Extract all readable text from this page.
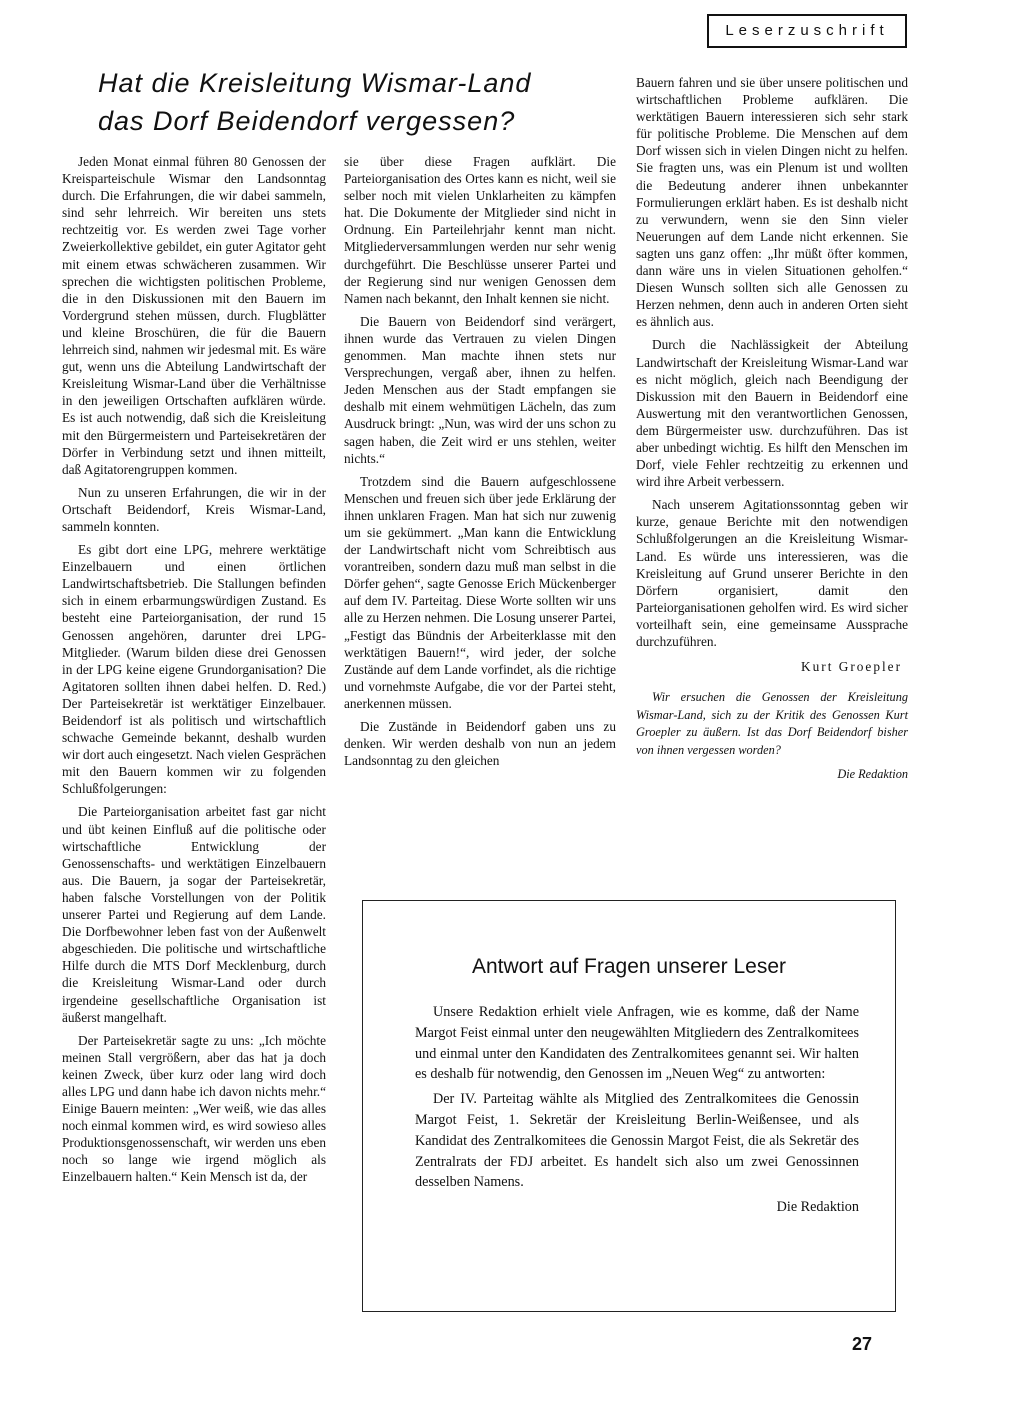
Leserzuschrift
Hat die Kreisleitung Wismar-Land
das Dorf Beidendorf vergessen?

Jeden Monat einmal führen 80 Genossen der Kreisparteischule Wismar den Landsonntag durch. Die Erfahrungen, die wir dabei sammeln, sind sehr lehrreich. Wir bereiten uns stets rechtzeitig vor. Es werden zwei Tage vorher Zweierkollektive gebildet, ein guter Agitator geht mit einem etwas schwächeren zusammen. Wir sprechen die wichtigsten politischen Probleme, die in den Diskussionen mit den Bauern im Vordergrund stehen müssen, durch. Flugblätter und kleine Broschüren, die für die Bauern lehrreich sind, nahmen wir jedesmal mit. Es wäre gut, wenn uns die Abteilung Landwirtschaft der Kreisleitung Wismar-Land über die Verhältnisse in den jeweiligen Ortschaften aufklären würde. Es ist auch notwendig, daß sich die Kreisleitung mit den Bürgermeistern und Parteisekretären der Dörfer in Verbindung setzt und ihnen mitteilt, daß Agitatorengruppen kommen.

Nun zu unseren Erfahrungen, die wir in der Ortschaft Beidendorf, Kreis Wismar-Land, sammeln konnten.

Es gibt dort eine LPG, mehrere werktätige Einzelbauern und einen örtlichen Landwirtschaftsbetrieb. Die Stallungen befinden sich in einem erbarmungswürdigen Zustand. Es besteht eine Parteiorganisation, der rund 15 Genossen angehören, darunter drei LPG-Mitglieder. (Warum bilden diese drei Genossen in der LPG keine eigene Grundorganisation? Die Agitatoren sollten ihnen dabei helfen. D. Red.) Der Parteisekretär ist werktätiger Einzelbauer. Beidendorf ist als politisch und wirtschaftlich schwache Gemeinde bekannt, deshalb wurden wir dort auch eingesetzt. Nach vielen Gesprächen mit den Bauern kommen wir zu folgenden Schlußfolgerungen:

Die Parteiorganisation arbeitet fast gar nicht und übt keinen Einfluß auf die politische oder wirtschaftliche Entwicklung der Genossenschafts- und werktätigen Einzelbauern aus. Die Bauern, ja sogar der Parteisekretär, haben falsche Vorstellungen von der Politik unserer Partei und Regierung auf dem Lande. Die Dorfbewohner leben fast von der Außenwelt abgeschieden. Die politische und wirtschaftliche Hilfe durch die MTS Dorf Mecklenburg, durch die Kreisleitung Wismar-Land oder durch irgendeine gesellschaftliche Organisation ist äußerst mangelhaft.

Der Parteisekretär sagte zu uns: „Ich möchte meinen Stall vergrößern, aber das hat ja doch keinen Zweck, über kurz oder lang wird doch alles LPG und dann habe ich davon nichts mehr.“ Einige Bauern meinten: „Wer weiß, wie das alles noch einmal kommen wird, es wird sowieso alles Produktionsgenossenschaft, wir werden uns eben noch so lange wie irgend möglich als Einzelbauern halten.“ Kein Mensch ist da, der

sie über diese Fragen aufklärt. Die Parteiorganisation des Ortes kann es nicht, weil sie selber noch mit vielen Unklarheiten zu kämpfen hat. Die Dokumente der Mitglieder sind nicht in Ordnung. Ein Parteilehrjahr kennt man nicht. Mitgliederversammlungen werden nur sehr wenig durchgeführt. Die Beschlüsse unserer Partei und der Regierung sind nur wenigen Genossen dem Namen nach bekannt, den Inhalt kennen sie nicht.

Die Bauern von Beidendorf sind verärgert, ihnen wurde das Vertrauen zu vielen Dingen genommen. Man machte ihnen stets nur Versprechungen, vergaß aber, ihnen zu helfen. Jeden Menschen aus der Stadt empfangen sie deshalb mit einem wehmütigen Lächeln, das zum Ausdruck bringt: „Nun, was wird der uns schon zu sagen haben, die Zeit wird er uns stehlen, weiter nichts.“

Trotzdem sind die Bauern aufgeschlossene Menschen und freuen sich über jede Erklärung der ihnen unklaren Fragen. Man hat sich nur zuwenig um sie gekümmert. „Man kann die Entwicklung der Landwirtschaft nicht vom Schreibtisch aus vorantreiben, sondern dazu muß man selbst in die Dörfer gehen“, sagte Genosse Erich Mückenberger auf dem IV. Parteitag. Diese Worte sollten wir uns alle zu Herzen nehmen. Die Losung unserer Partei, „Festigt das Bündnis der Arbeiterklasse mit den werktätigen Bauern!“, wird jeder, der solche Zustände auf dem Lande vorfindet, als die richtige und vornehmste Aufgabe, die vor der Partei steht, anerkennen müssen.

Die Zustände in Beidendorf gaben uns zu denken. Wir werden deshalb von nun an jedem Landsonntag zu den gleichen

Bauern fahren und sie über unsere politischen und wirtschaftlichen Probleme aufklären. Die werktätigen Bauern interessieren sich sehr stark für politische Probleme. Die Menschen auf dem Dorf wissen sich in vielen Dingen nicht zu helfen. Sie fragten uns, was ein Plenum ist und wollten die Bedeutung anderer ihnen unbekannter Formulierungen erklärt haben. Es ist deshalb nicht zu verwundern, wenn sie den Sinn vieler Neuerungen auf dem Lande nicht erkennen. Sie sagten uns ganz offen: „Ihr müßt öfter kommen, dann wäre uns in vielen Situationen geholfen.“ Diesen Wunsch sollten sich alle Genossen zu Herzen nehmen, denn auch in anderen Orten sieht es ähnlich aus.

Durch die Nachlässigkeit der Abteilung Landwirtschaft der Kreisleitung Wismar-Land war es nicht möglich, gleich nach Beendigung der Diskussion mit den Bauern in Beidendorf eine Auswertung mit den verantwortlichen Genossen, dem Bürgermeister usw. durchzuführen. Das ist aber unbedingt wichtig. Es hilft den Menschen im Dorf, viele Fehler rechtzeitig zu erkennen und wird ihre Arbeit verbessern.

Nach unserem Agitationssonntag geben wir kurze, genaue Berichte mit den notwendigen Schlußfolgerungen an die Kreisleitung Wismar-Land. Es würde uns interessieren, was die Kreisleitung auf Grund unserer Berichte in den Dörfern organisiert, damit den Parteiorganisationen geholfen wird. Es wird sicher vorteilhaft sein, eine gemeinsame Aussprache durchzuführen.

Kurt Groepler

Wir ersuchen die Genossen der Kreisleitung Wismar-Land, sich zu der Kritik des Genossen Kurt Groepler zu äußern. Ist das Dorf Beidendorf bisher von ihnen vergessen worden?

Die Redaktion

Antwort auf Fragen unserer Leser

Unsere Redaktion erhielt viele Anfragen, wie es komme, daß der Name Margot Feist einmal unter den neugewählten Mitgliedern des Zentralkomitees und einmal unter den Kandidaten des Zentralkomitees genannt sei. Wir halten es deshalb für notwendig, den Genossen im „Neuen Weg“ zu antworten:

Der IV. Parteitag wählte als Mitglied des Zentralkomitees die Genossin Margot Feist, 1. Sekretär der Kreisleitung Berlin-Weißensee, und als Kandidat des Zentralkomitees die Genossin Margot Feist, die als Sekretär des Zentralrats der FDJ arbeitet. Es handelt sich also um zwei Genossinnen desselben Namens.

Die Redaktion

27
